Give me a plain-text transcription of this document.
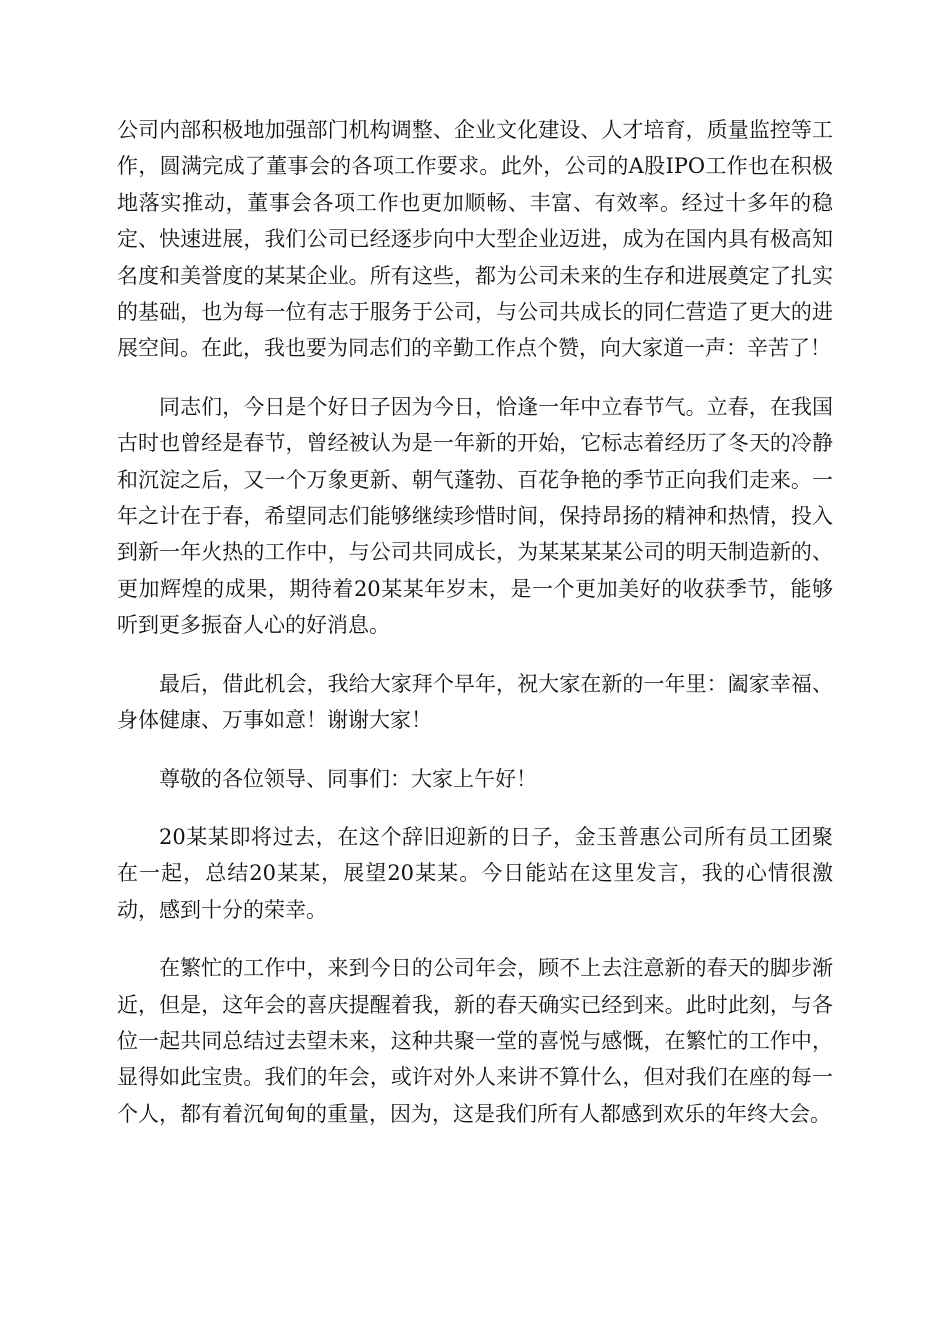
公司内部积极地加强部门机构调整、企业文化建设、人才培育，质量监控等工作，圆满完成了董事会的各项工作要求。此外，公司的A股IPO工作也在积极地落实推动，董事会各项工作也更加顺畅、丰富、有效率。经过十多年的稳定、快速进展，我们公司已经逐步向中大型企业迈进，成为在国内具有极高知名度和美誉度的某某企业。所有这些，都为公司未来的生存和进展奠定了扎实的基础，也为每一位有志于服务于公司，与公司共成长的同仁营造了更大的进展空间。在此，我也要为同志们的辛勤工作点个赞，向大家道一声：辛苦了！

同志们，今日是个好日子因为今日，恰逢一年中立春节气。立春，在我国古时也曾经是春节，曾经被认为是一年新的开始，它标志着经历了冬天的冷静和沉淀之后，又一个万象更新、朝气蓬勃、百花争艳的季节正向我们走来。一年之计在于春，希望同志们能够继续珍惜时间，保持昂扬的精神和热情，投入到新一年火热的工作中，与公司共同成长，为某某某某公司的明天制造新的、更加辉煌的成果，期待着20某某年岁末，是一个更加美好的收获季节，能够听到更多振奋人心的好消息。

最后，借此机会，我给大家拜个早年，祝大家在新的一年里：阖家幸福、身体健康、万事如意！谢谢大家！

尊敬的各位领导、同事们：大家上午好！

20某某即将过去，在这个辞旧迎新的日子，金玉普惠公司所有员工团聚在一起，总结20某某，展望20某某。今日能站在这里发言，我的心情很激动，感到十分的荣幸。

在繁忙的工作中，来到今日的公司年会，顾不上去注意新的春天的脚步渐近，但是，这年会的喜庆提醒着我，新的春天确实已经到来。此时此刻，与各位一起共同总结过去望未来，这种共聚一堂的喜悦与感慨，在繁忙的工作中，显得如此宝贵。我们的年会，或许对外人来讲不算什么，但对我们在座的每一个人，都有着沉甸甸的重量，因为，这是我们所有人都感到欢乐的年终大会。
